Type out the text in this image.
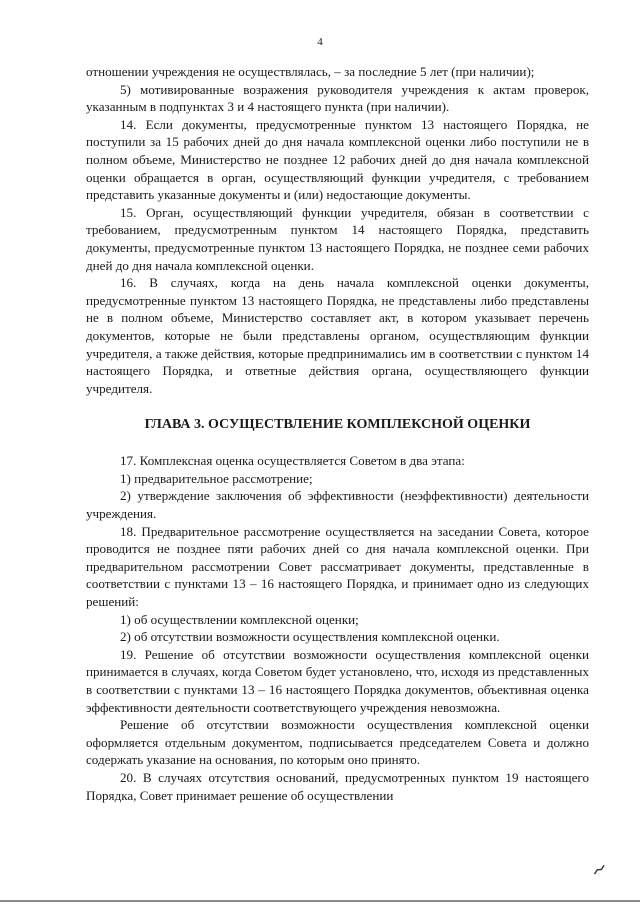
4

отношении учреждения не осуществлялась, – за последние 5 лет (при наличии);

5) мотивированные возражения руководителя учреждения к актам проверок, указанным в подпунктах 3 и 4 настоящего пункта (при наличии).

14. Если документы, предусмотренные пунктом 13 настоящего Порядка, не поступили за 15 рабочих дней до дня начала комплексной оценки либо поступили не в полном объеме, Министерство не позднее 12 рабочих дней до дня начала комплексной оценки обращается в орган, осуществляющий функции учредителя, с требованием представить указанные документы и (или) недостающие документы.

15. Орган, осуществляющий функции учредителя, обязан в соответствии с требованием, предусмотренным пунктом 14 настоящего Порядка, представить документы, предусмотренные пунктом 13 настоящего Порядка, не позднее семи рабочих дней до дня начала комплексной оценки.

16. В случаях, когда на день начала комплексной оценки документы, предусмотренные пунктом 13 настоящего Порядка, не представлены либо представлены не в полном объеме, Министерство составляет акт, в котором указывает перечень документов, которые не были представлены органом, осуществляющим функции учредителя, а также действия, которые предпринимались им в соответствии с пунктом 14 настоящего Порядка, и ответные действия органа, осуществляющего функции учредителя.

ГЛАВА 3. ОСУЩЕСТВЛЕНИЕ КОМПЛЕКСНОЙ ОЦЕНКИ

17. Комплексная оценка осуществляется Советом в два этапа:

1) предварительное рассмотрение;

2) утверждение заключения об эффективности (неэффективности) деятельности учреждения.

18. Предварительное рассмотрение осуществляется на заседании Совета, которое проводится не позднее пяти рабочих дней со дня начала комплексной оценки. При предварительном рассмотрении Совет рассматривает документы, представленные в соответствии с пунктами 13 – 16 настоящего Порядка, и принимает одно из следующих решений:

1) об осуществлении комплексной оценки;

2) об отсутствии возможности осуществления комплексной оценки.

19. Решение об отсутствии возможности осуществления комплексной оценки принимается в случаях, когда Советом будет установлено, что, исходя из представленных в соответствии с пунктами 13 – 16 настоящего Порядка документов, объективная оценка эффективности деятельности соответствующего учреждения невозможна.

Решение об отсутствии возможности осуществления комплексной оценки оформляется отдельным документом, подписывается председателем Совета и должно содержать указание на основания, по которым оно принято.

20. В случаях отсутствия оснований, предусмотренных пунктом 19 настоящего Порядка, Совет принимает решение об осуществлении
